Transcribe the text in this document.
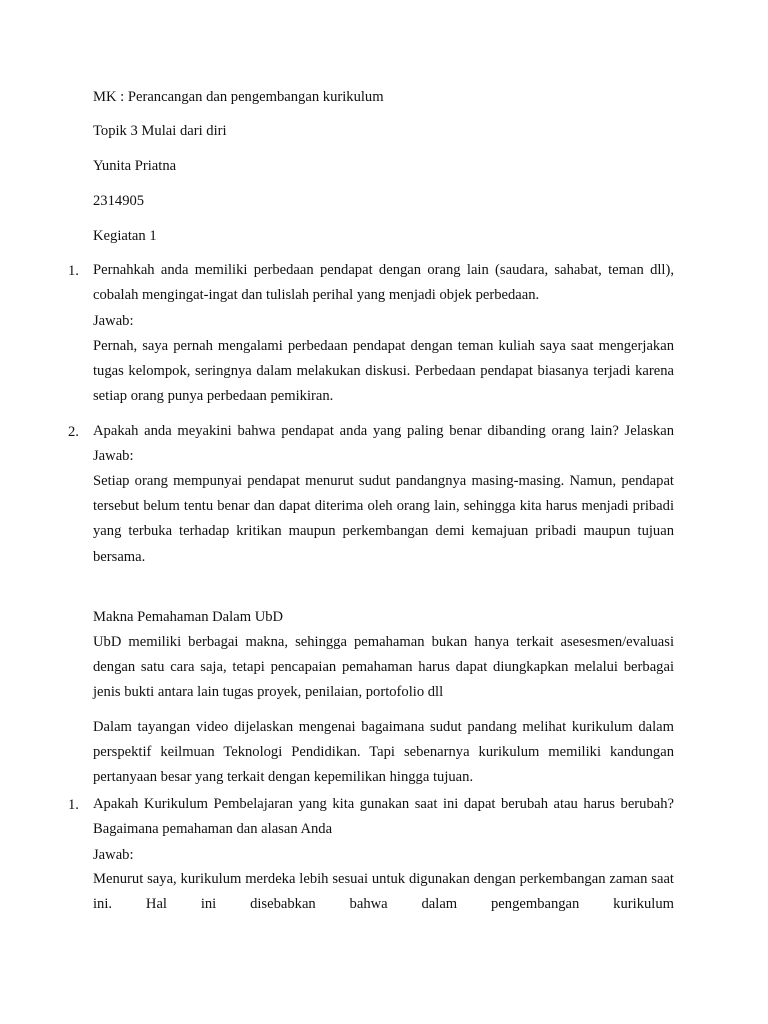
MK : Perancangan dan pengembangan kurikulum

Topik 3 Mulai dari diri

Yunita Priatna

2314905

Kegiatan 1

1. Pernahkah anda memiliki perbedaan pendapat dengan orang lain (saudara, sahabat, teman dll), cobalah mengingat-ingat dan tulislah perihal yang menjadi objek perbedaan.

Jawab:

Pernah, saya pernah mengalami perbedaan pendapat dengan teman kuliah saya saat mengerjakan tugas kelompok, seringnya dalam melakukan diskusi. Perbedaan pendapat biasanya terjadi karena setiap orang punya perbedaan pemikiran.

2. Apakah anda meyakini bahwa pendapat anda yang paling benar dibanding orang lain? Jelaskan Jawab:

Setiap orang mempunyai pendapat menurut sudut pandangnya masing-masing. Namun, pendapat tersebut belum tentu benar dan dapat diterima oleh orang lain, sehingga kita harus menjadi pribadi yang terbuka terhadap kritikan maupun perkembangan demi kemajuan pribadi maupun tujuan bersama.

Makna Pemahaman Dalam UbD

UbD memiliki berbagai makna, sehingga pemahaman bukan hanya terkait asesesmen/evaluasi dengan satu cara saja, tetapi pencapaian pemahaman harus dapat diungkapkan melalui berbagai jenis bukti antara lain tugas proyek, penilaian, portofolio dll

Dalam tayangan video dijelaskan mengenai bagaimana sudut pandang melihat kurikulum dalam perspektif keilmuan Teknologi Pendidikan. Tapi sebenarnya kurikulum memiliki kandungan pertanyaan besar yang terkait dengan kepemilikan hingga tujuan.

1. Apakah Kurikulum Pembelajaran yang kita gunakan saat ini dapat berubah atau harus berubah? Bagaimana pemahaman dan alasan Anda

Jawab:

Menurut saya, kurikulum merdeka lebih sesuai untuk digunakan dengan perkembangan zaman saat ini. Hal ini disebabkan bahwa dalam pengembangan kurikulum
